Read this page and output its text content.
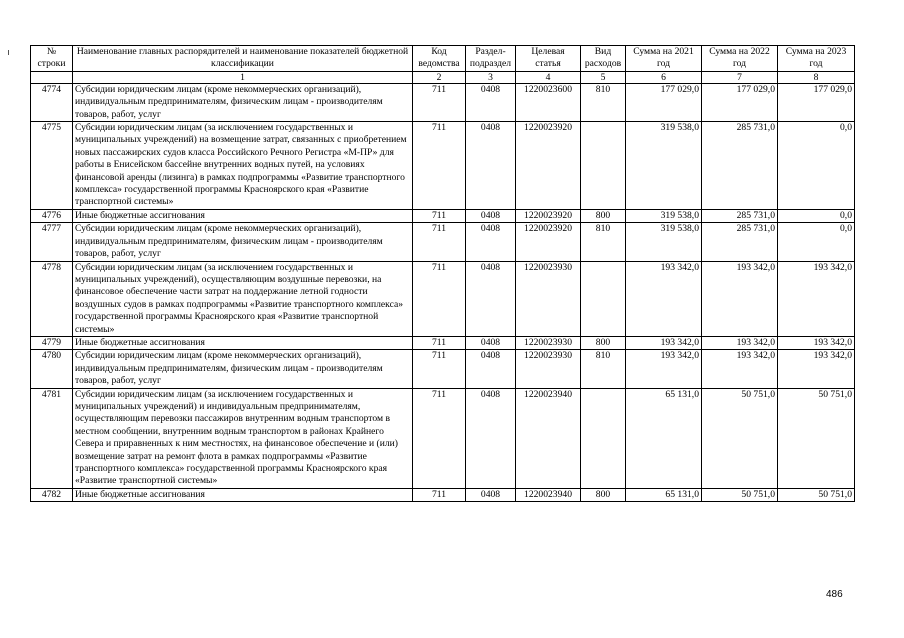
№ строки	Наименование главных распорядителей и наименование показателей бюджетной классификации	Код ведомства	Раздел-подраздел	Целевая статья	Вид расходов	Сумма на 2021 год	Сумма на 2022 год	Сумма на 2023 год
	1	2	3	4	5	6	7	8
4774	Субсидии юридическим лицам (кроме некоммерческих организаций), индивидуальным предпринимателям, физическим лицам - производителям товаров, работ, услуг	711	0408	1220023600	810	177 029,0	177 029,0	177 029,0
4775	Субсидии юридическим лицам (за исключением государственных и муниципальных учреждений) на возмещение затрат, связанных с приобретением новых пассажирских судов класса Российского Речного Регистра «М-ПР» для работы в Енисейском бассейне внутренних водных путей, на условиях финансовой аренды (лизинга) в рамках подпрограммы «Развитие транспортного комплекса» государственной программы Красноярского края «Развитие транспортной системы»	711	0408	1220023920		319 538,0	285 731,0	0,0
4776	Иные бюджетные ассигнования	711	0408	1220023920	800	319 538,0	285 731,0	0,0
4777	Субсидии юридическим лицам (кроме некоммерческих организаций), индивидуальным предпринимателям, физическим лицам - производителям товаров, работ, услуг	711	0408	1220023920	810	319 538,0	285 731,0	0,0
4778	Субсидии юридическим лицам (за исключением государственных и муниципальных учреждений), осуществляющим воздушные перевозки, на финансовое обеспечение части затрат на поддержание летной годности воздушных судов в рамках подпрограммы «Развитие транспортного комплекса» государственной программы Красноярского края «Развитие транспортной системы»	711	0408	1220023930		193 342,0	193 342,0	193 342,0
4779	Иные бюджетные ассигнования	711	0408	1220023930	800	193 342,0	193 342,0	193 342,0
4780	Субсидии юридическим лицам (кроме некоммерческих организаций), индивидуальным предпринимателям, физическим лицам - производителям товаров, работ, услуг	711	0408	1220023930	810	193 342,0	193 342,0	193 342,0
4781	Субсидии юридическим лицам (за исключением государственных и муниципальных учреждений) и индивидуальным предпринимателям, осуществляющим перевозки пассажиров внутренним водным транспортом в местном сообщении, внутренним водным транспортом в районах Крайнего Севера и приравненных к ним местностях, на финансовое обеспечение и (или) возмещение затрат на ремонт флота в рамках подпрограммы «Развитие транспортного комплекса» государственной программы Красноярского края «Развитие транспортной системы»	711	0408	1220023940		65 131,0	50 751,0	50 751,0
4782	Иные бюджетные ассигнования	711	0408	1220023940	800	65 131,0	50 751,0	50 751,0
486
